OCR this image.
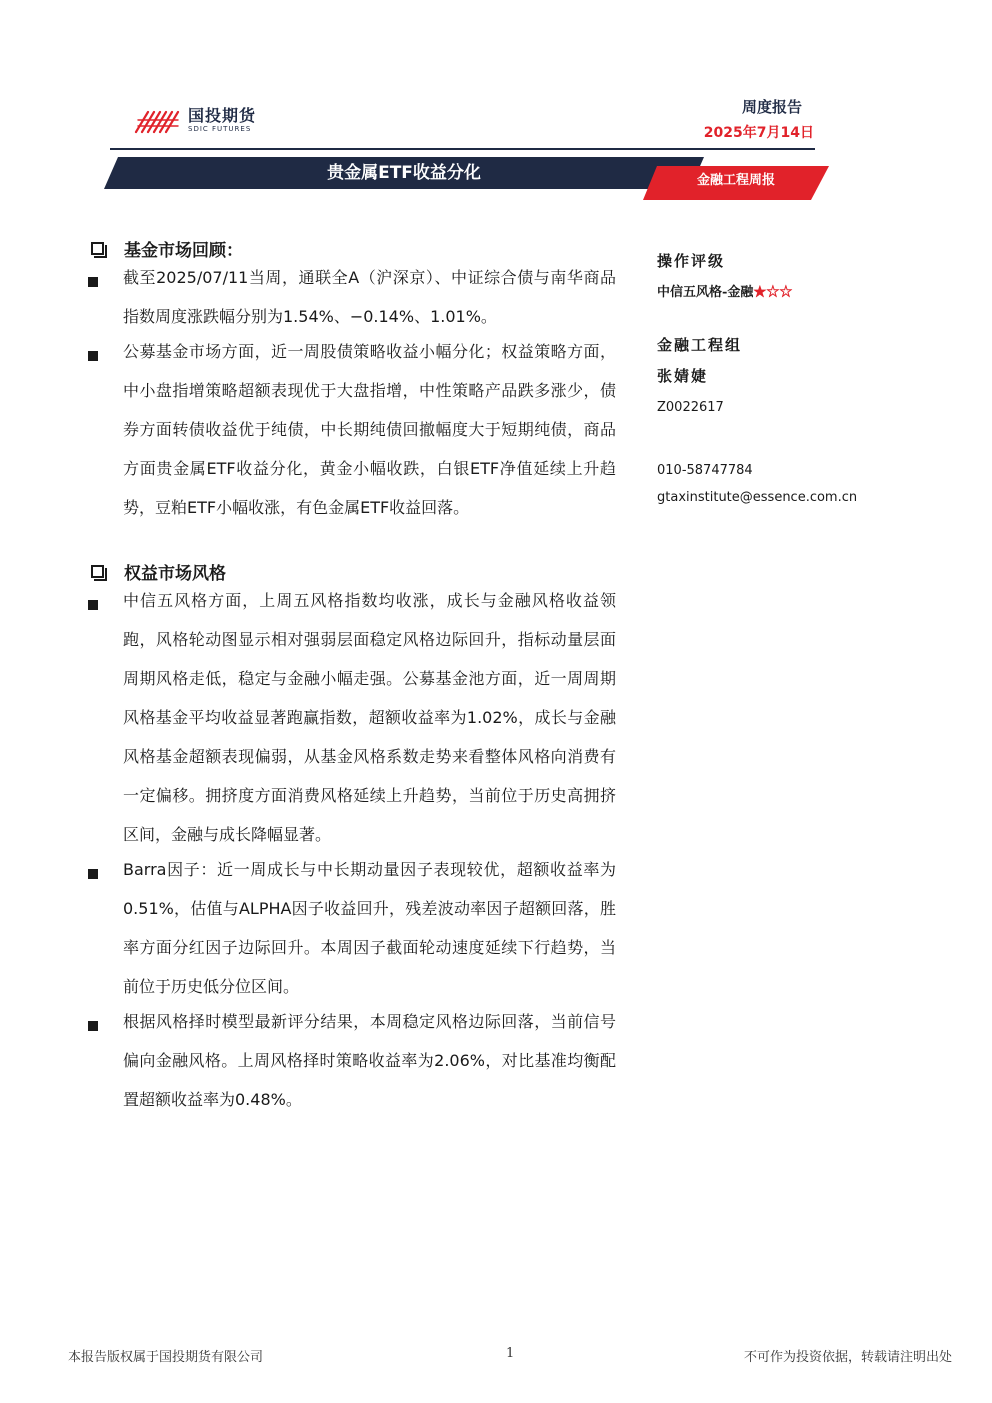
国投期货
SDIC FUTURES
周度报告
2025年7月14日
贵金属ETF收益分化	金融工程周报
基金市场回顾：
截至2025/07/11当周，通联全A（沪深京）、中证综合债与南华商品指数周度涨跌幅分别为1.54%、−0.14%、1.01%。
公募基金市场方面，近一周股债策略收益小幅分化；权益策略方面，中小盘指增策略超额表现优于大盘指增，中性策略产品跌多涨少，债券方面转债收益优于纯债，中长期纯债回撤幅度大于短期纯债，商品方面贵金属ETF收益分化，黄金小幅收跌，白银ETF净值延续上升趋势，豆粕ETF小幅收涨，有色金属ETF收益回落。
权益市场风格
中信五风格方面，上周五风格指数均收涨，成长与金融风格收益领跑，风格轮动图显示相对强弱层面稳定风格边际回升，指标动量层面周期风格走低，稳定与金融小幅走强。公募基金池方面，近一周周期风格基金平均收益显著跑赢指数，超额收益率为1.02%，成长与金融风格基金超额表现偏弱，从基金风格系数走势来看整体风格向消费有一定偏移。拥挤度方面消费风格延续上升趋势，当前位于历史高拥挤区间，金融与成长降幅显著。
Barra因子：近一周成长与中长期动量因子表现较优，超额收益率为0.51%，估值与ALPHA因子收益回升，残差波动率因子超额回落，胜率方面分红因子边际回升。本周因子截面轮动速度延续下行趋势，当前位于历史低分位区间。
根据风格择时模型最新评分结果，本周稳定风格边际回落，当前信号偏向金融风格。上周风格择时策略收益率为2.06%，对比基准均衡配置超额收益率为0.48%。
操作评级
中信五风格-金融★☆☆
金融工程组
张婧婕
Z0022617
010-58747784
gtaxinstitute@essence.com.cn
本报告版权属于国投期货有限公司	1	不可作为投资依据，转载请注明出处
